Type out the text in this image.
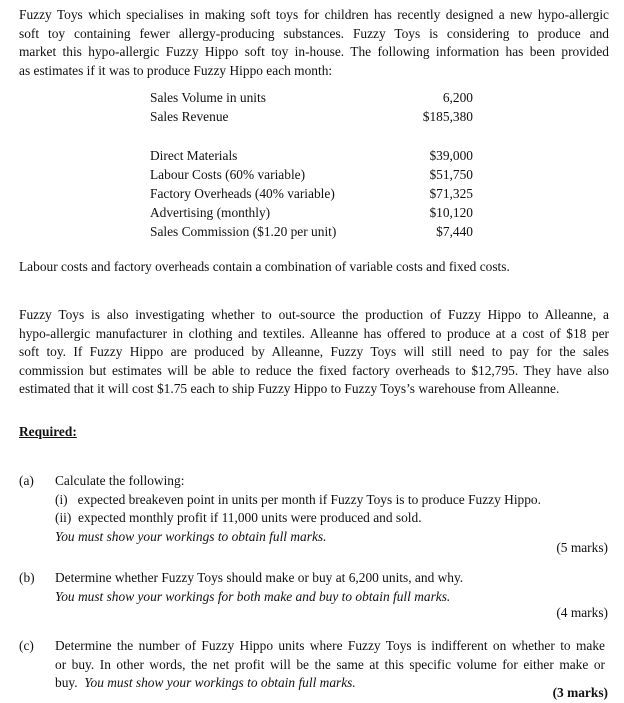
Fuzzy Toys which specialises in making soft toys for children has recently designed a new hypo-allergic
soft toy containing fewer allergy-producing substances. Fuzzy Toys is considering to produce and
market this hypo-allergic Fuzzy Hippo soft toy in-house. The following information has been provided
as estimates if it was to produce Fuzzy Hippo each month:
Sales Volume in units	6,200
Sales Revenue	$185,380
Direct Materials	$39,000
Labour Costs (60% variable)	$51,750
Factory Overheads (40% variable)	$71,325
Advertising (monthly)	$10,120
Sales Commission ($1.20 per unit)	$7,440
Labour costs and factory overheads contain a combination of variable costs and fixed costs.
Fuzzy Toys is also investigating whether to out-source the production of Fuzzy Hippo to Alleanne, a
hypo-allergic manufacturer in clothing and textiles. Alleanne has offered to produce at a cost of $18 per
soft toy. If Fuzzy Hippo are produced by Alleanne, Fuzzy Toys will still need to pay for the sales
commission but estimates will be able to reduce the fixed factory overheads to $12,795. They have also
estimated that it will cost $1.75 each to ship Fuzzy Hippo to Fuzzy Toys’s warehouse from Alleanne.
Required:
(a) Calculate the following:
(i)   expected breakeven point in units per month if Fuzzy Toys is to produce Fuzzy Hippo.
(ii)  expected monthly profit if 11,000 units were produced and sold.
You must show your workings to obtain full marks.
(5 marks)
(b) Determine whether Fuzzy Toys should make or buy at 6,200 units, and why.
You must show your workings for both make and buy to obtain full marks.
(4 marks)
(c) Determine the number of Fuzzy Hippo units where Fuzzy Toys is indifferent on whether to make
or buy. In other words, the net profit will be the same at this specific volume for either make or
buy. You must show your workings to obtain full marks.
(3 marks)
